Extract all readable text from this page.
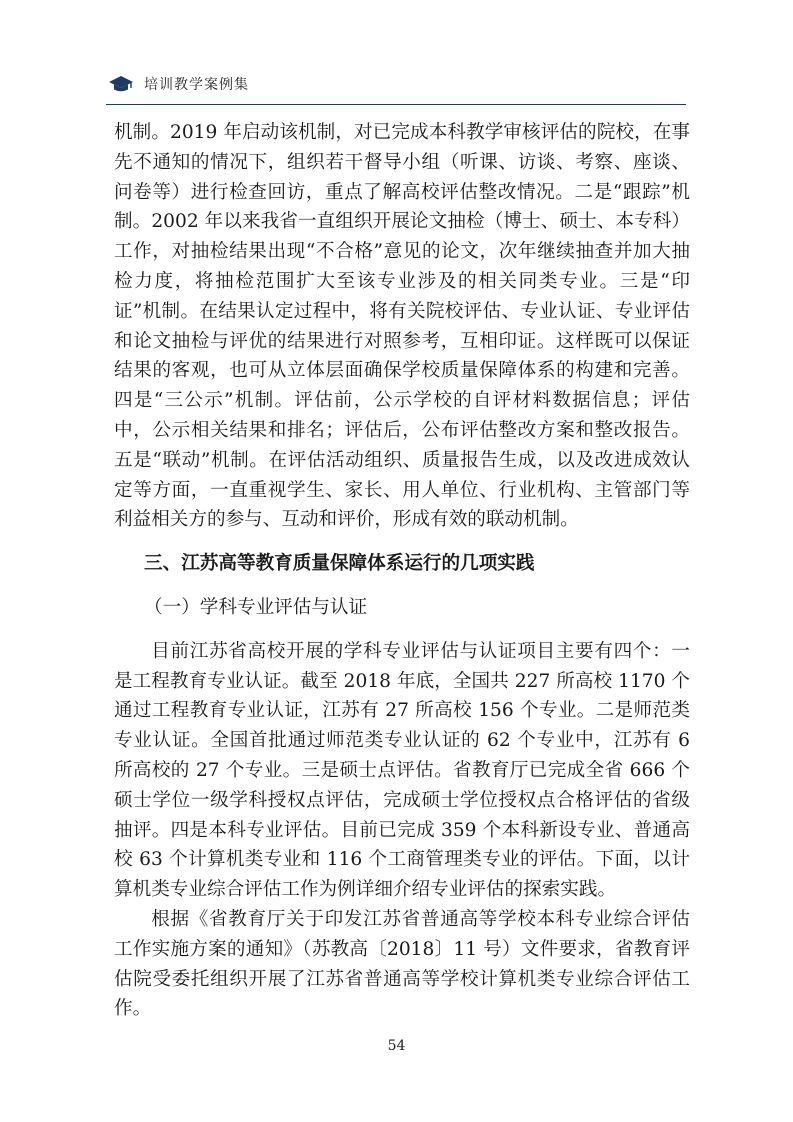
培训教学案例集

机制。2019 年启动该机制，对已完成本科教学审核评估的院校，在事先不通知的情况下，组织若干督导小组（听课、访谈、考察、座谈、问卷等）进行检查回访，重点了解高校评估整改情况。二是“跟踪”机制。2002 年以来我省一直组织开展论文抽检（博士、硕士、本专科）工作，对抽检结果出现“不合格”意见的论文，次年继续抽查并加大抽检力度，将抽检范围扩大至该专业涉及的相关同类专业。三是“印证”机制。在结果认定过程中，将有关院校评估、专业认证、专业评估和论文抽检与评优的结果进行对照参考，互相印证。这样既可以保证结果的客观，也可从立体层面确保学校质量保障体系的构建和完善。四是“三公示”机制。评估前，公示学校的自评材料数据信息；评估中，公示相关结果和排名；评估后，公布评估整改方案和整改报告。五是“联动”机制。在评估活动组织、质量报告生成，以及改进成效认定等方面，一直重视学生、家长、用人单位、行业机构、主管部门等利益相关方的参与、互动和评价，形成有效的联动机制。

三、江苏高等教育质量保障体系运行的几项实践

（一）学科专业评估与认证

目前江苏省高校开展的学科专业评估与认证项目主要有四个：一是工程教育专业认证。截至 2018 年底，全国共 227 所高校 1170 个通过工程教育专业认证，江苏有 27 所高校 156 个专业。二是师范类专业认证。全国首批通过师范类专业认证的 62 个专业中，江苏有 6 所高校的 27 个专业。三是硕士点评估。省教育厅已完成全省 666 个硕士学位一级学科授权点评估，完成硕士学位授权点合格评估的省级抽评。四是本科专业评估。目前已完成 359 个本科新设专业、普通高校 63 个计算机类专业和 116 个工商管理类专业的评估。下面，以计算机类专业综合评估工作为例详细介绍专业评估的探索实践。

根据《省教育厅关于印发江苏省普通高等学校本科专业综合评估工作实施方案的通知》（苏教高〔2018〕11 号）文件要求，省教育评估院受委托组织开展了江苏省普通高等学校计算机类专业综合评估工作。

54
